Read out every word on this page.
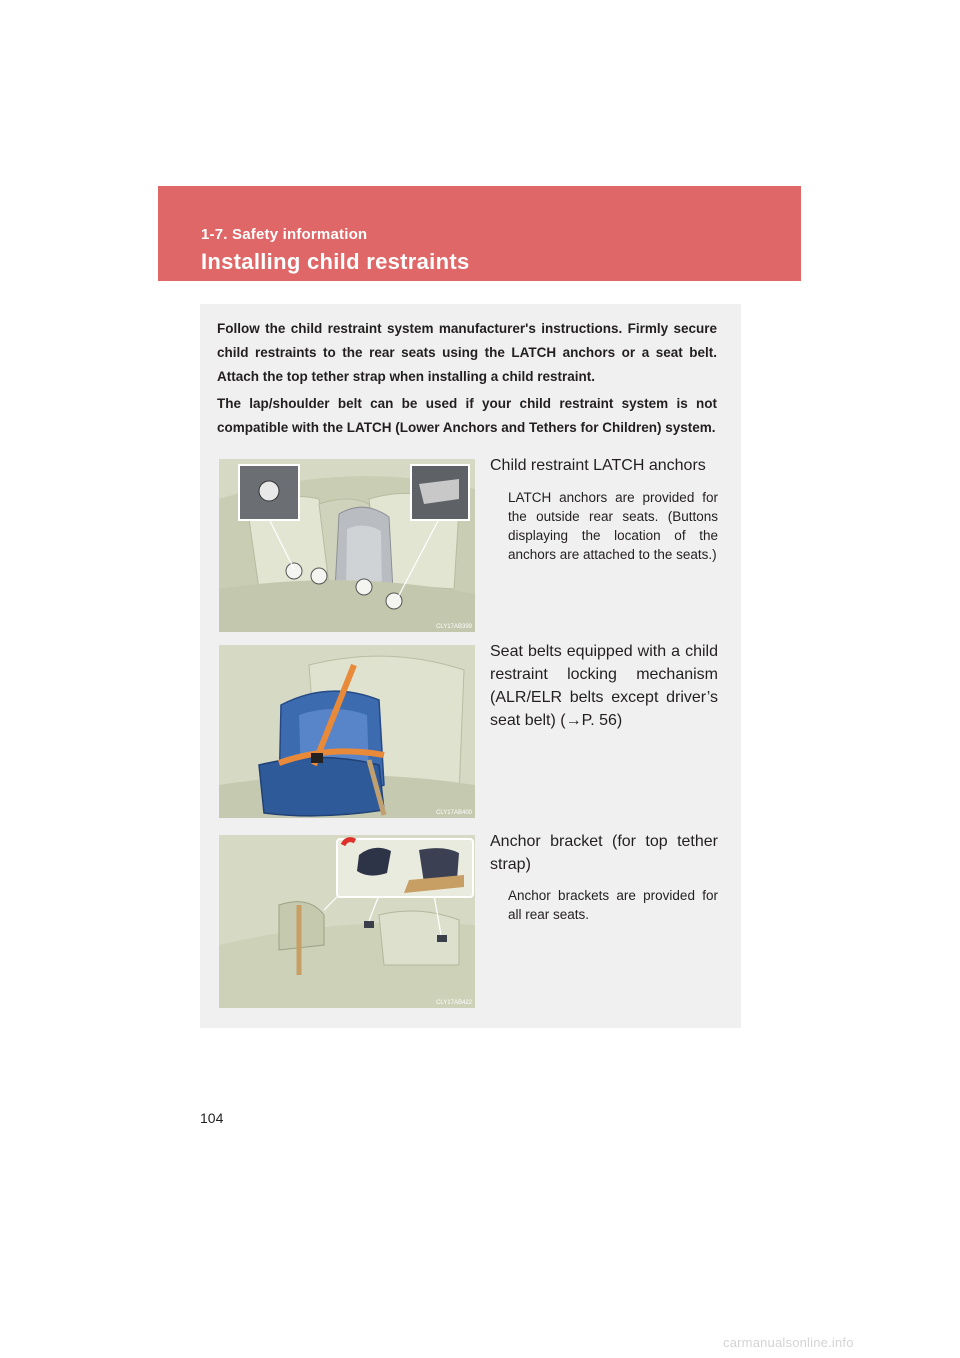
1-7. Safety information
Installing child restraints

Follow the child restraint system manufacturer's instructions. Firmly secure child restraints to the rear seats using the LATCH anchors or a seat belt. Attach the top tether strap when installing a child restraint.

The lap/shoulder belt can be used if your child restraint system is not compatible with the LATCH (Lower Anchors and Tethers for Children) system.

CLY17AB399
CLY17AB400
CLY17AB422
Child restraint LATCH anchors
LATCH anchors are provided for the outside rear seats. (Buttons displaying the location of the anchors are attached to the seats.)
Seat belts equipped with a child restraint locking mechanism (ALR/ELR belts except driver’s seat belt) (→P. 56)
Anchor bracket (for top tether strap)
Anchor brackets are provided for all rear seats.
104
carmanualsonline.info
